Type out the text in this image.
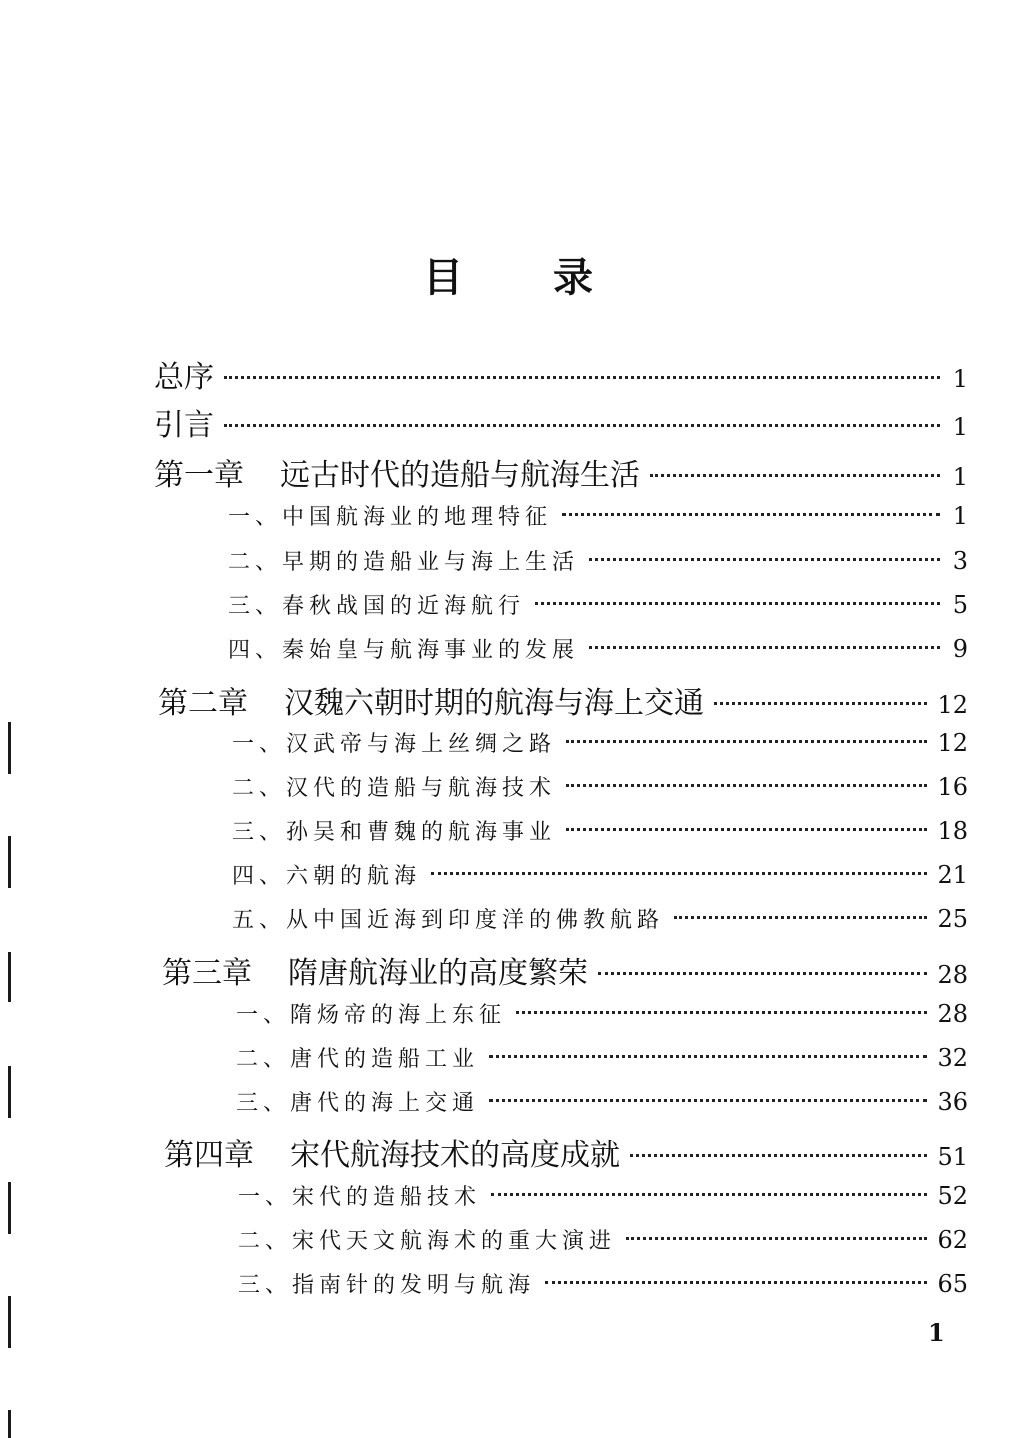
目录
总序	1
引言	1
第一章 远古时代的造船与航海生活	1
一、中国航海业的地理特征	1
二、早期的造船业与海上生活	3
三、春秋战国的近海航行	5
四、秦始皇与航海事业的发展	9
第二章 汉魏六朝时期的航海与海上交通	12
一、汉武帝与海上丝绸之路	12
二、汉代的造船与航海技术	16
三、孙吴和曹魏的航海事业	18
四、六朝的航海	21
五、从中国近海到印度洋的佛教航路	25
第三章 隋唐航海业的高度繁荣	28
一、隋炀帝的海上东征	28
二、唐代的造船工业	32
三、唐代的海上交通	36
第四章 宋代航海技术的高度成就	51
一、宋代的造船技术	52
二、宋代天文航海术的重大演进	62
三、指南针的发明与航海	65
1
